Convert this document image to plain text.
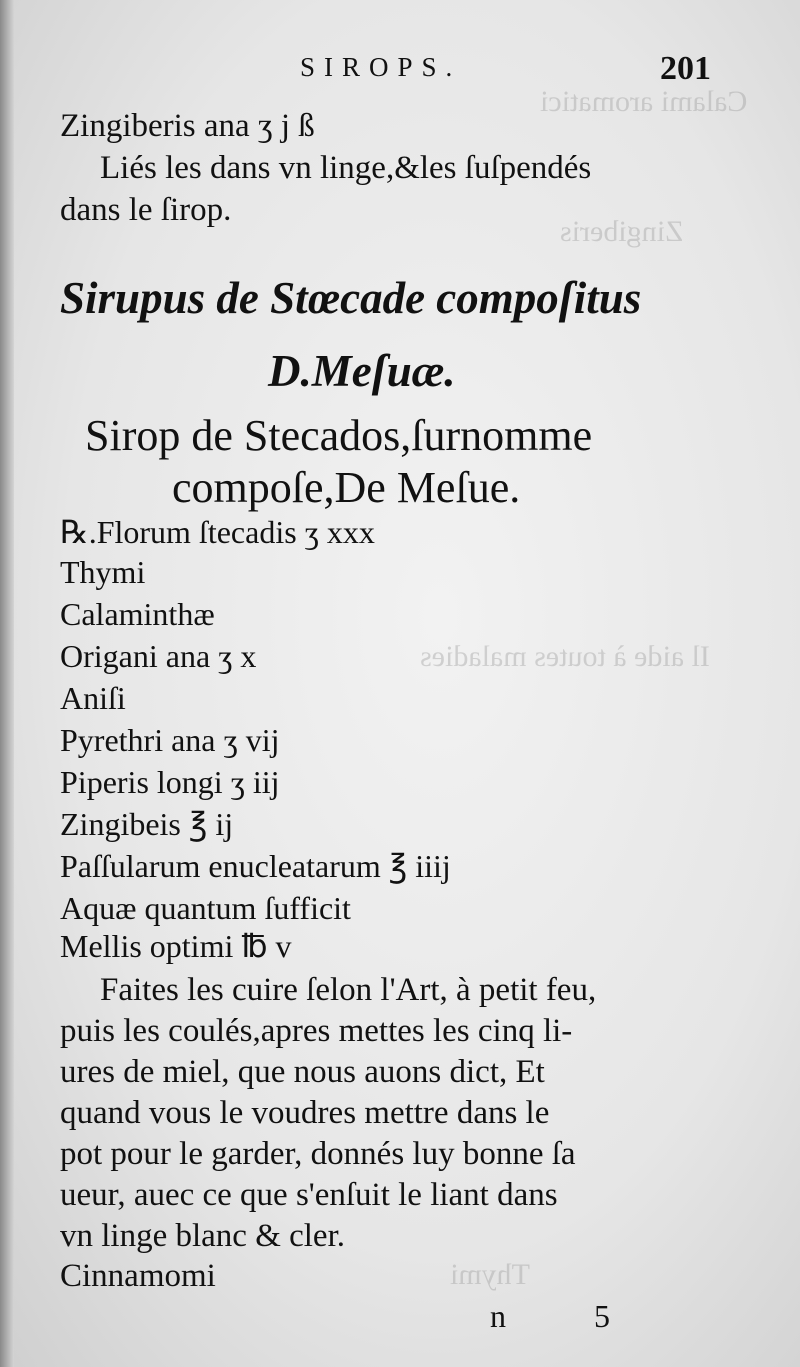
Calami aromatici
Zingiberis
Il aide à toutes maladies
Thymi
SIROPS.	201
Zingiberis ana ʒ j ß
Liés les dans vn linge,&les ſuſpendés
dans le ſirop.
Sirupus de Stœcade compoſitus
D.Meſuæ.
Sirop de Stecados,ſurnomme
compoſe,De Meſue.
℞.Florum ſtecadis ʒ xxx
Thymi
Calaminthæ
Origani ana ʒ x
Aniſi
Pyrethri ana ʒ vij
Piperis longi ʒ iij
Zingibeis ℥ ij
Paſſularum enucleatarum ℥ iiij
Aquæ quantum ſufficit
Mellis optimi ℔ v
Faites les cuire ſelon l'Art, à petit feu,
puis les coulés,apres mettes les cinq li-
ures de miel, que nous auons dict, Et
quand vous le voudres mettre dans le
pot pour le garder, donnés luy bonne ſa
ueur, auec ce que s'enſuit le liant dans
vn linge blanc & cler.
Cinnamomi
n 5
